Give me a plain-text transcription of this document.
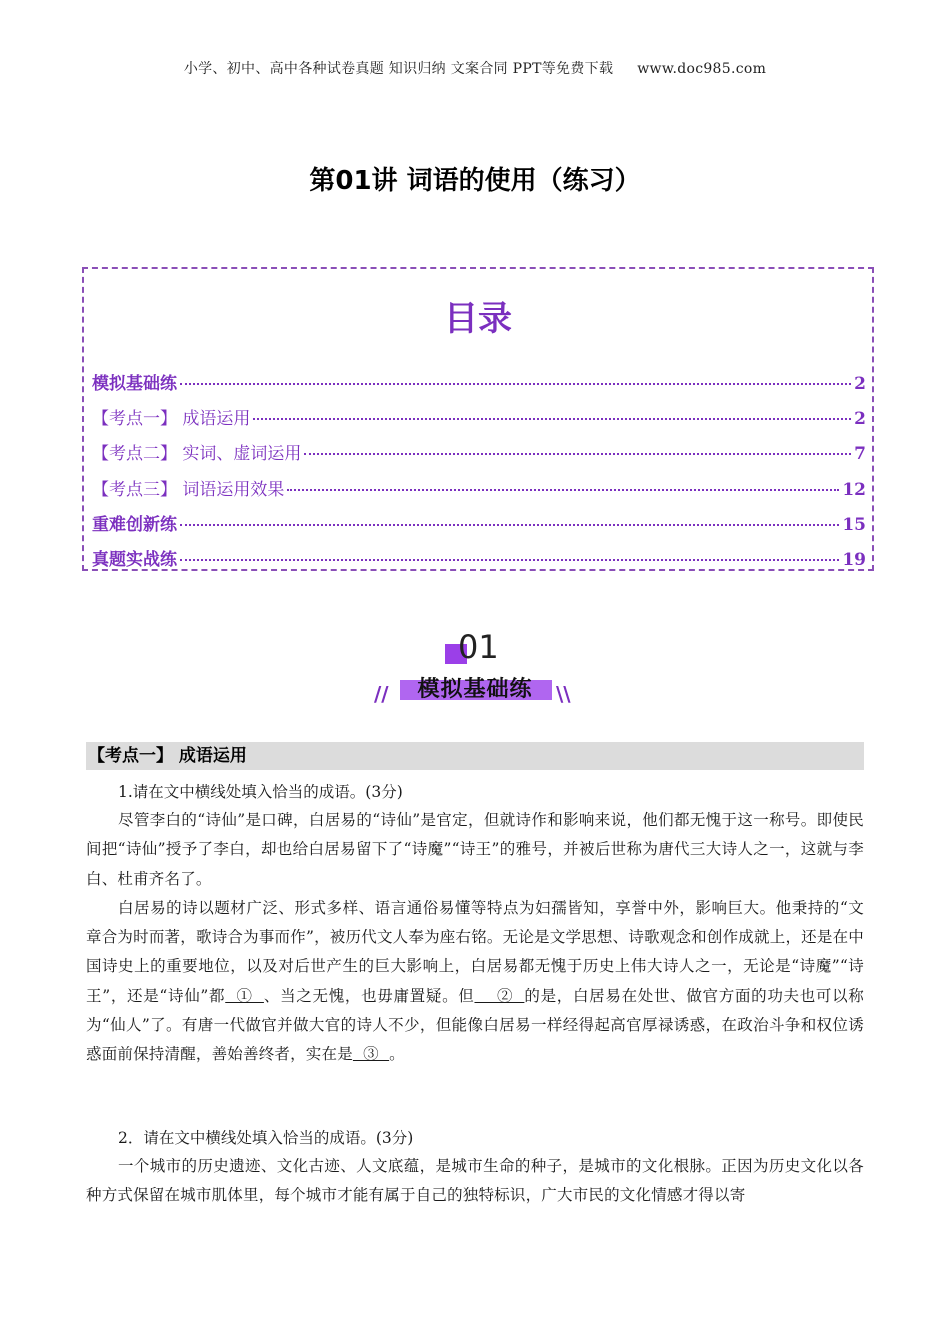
小学、初中、高中各种试卷真题 知识归纳 文案合同 PPT等免费下载 www.doc985.com
第01讲 词语的使用（练习）
目录
模拟基础练	2
【考点一】 成语运用	2
【考点二】 实词、虚词运用	7
【考点三】 词语运用效果	12
重难创新练	15
真题实战练	19
01
//	模拟基础练	\\
【考点一】 成语运用

1.请在文中横线处填入恰当的成语。(3分)

尽管李白的“诗仙”是口碑，白居易的“诗仙”是官定，但就诗作和影响来说，他们都无愧于这一称号。即使民间把“诗仙”授予了李白，却也给白居易留下了“诗魔”“诗王”的雅号，并被后世称为唐代三大诗人之一，这就与李白、杜甫齐名了。

白居易的诗以题材广泛、形式多样、语言通俗易懂等特点为妇孺皆知，享誉中外，影响巨大。他秉持的“文章合为时而著，歌诗合为事而作”，被历代文人奉为座右铭。无论是文学思想、诗歌观念和创作成就上，还是在中国诗史上的重要地位，以及对后世产生的巨大影响上，白居易都无愧于历史上伟大诗人之一，无论是“诗魔”“诗王”，还是“诗仙”都  ①  、当之无愧，也毋庸置疑。但    ②  的是，白居易在处世、做官方面的功夫也可以称为“仙人”了。有唐一代做官并做大官的诗人不少，但能像白居易一样经得起高官厚禄诱惑，在政治斗争和权位诱惑面前保持清醒，善始善终者，实在是  ③  。

2．请在文中横线处填入恰当的成语。(3分)

一个城市的历史遗迹、文化古迹、人文底蕴，是城市生命的种子，是城市的文化根脉。正因为历史文化以各种方式保留在城市肌体里，每个城市才能有属于自己的独特标识，广大市民的文化情感才得以寄
